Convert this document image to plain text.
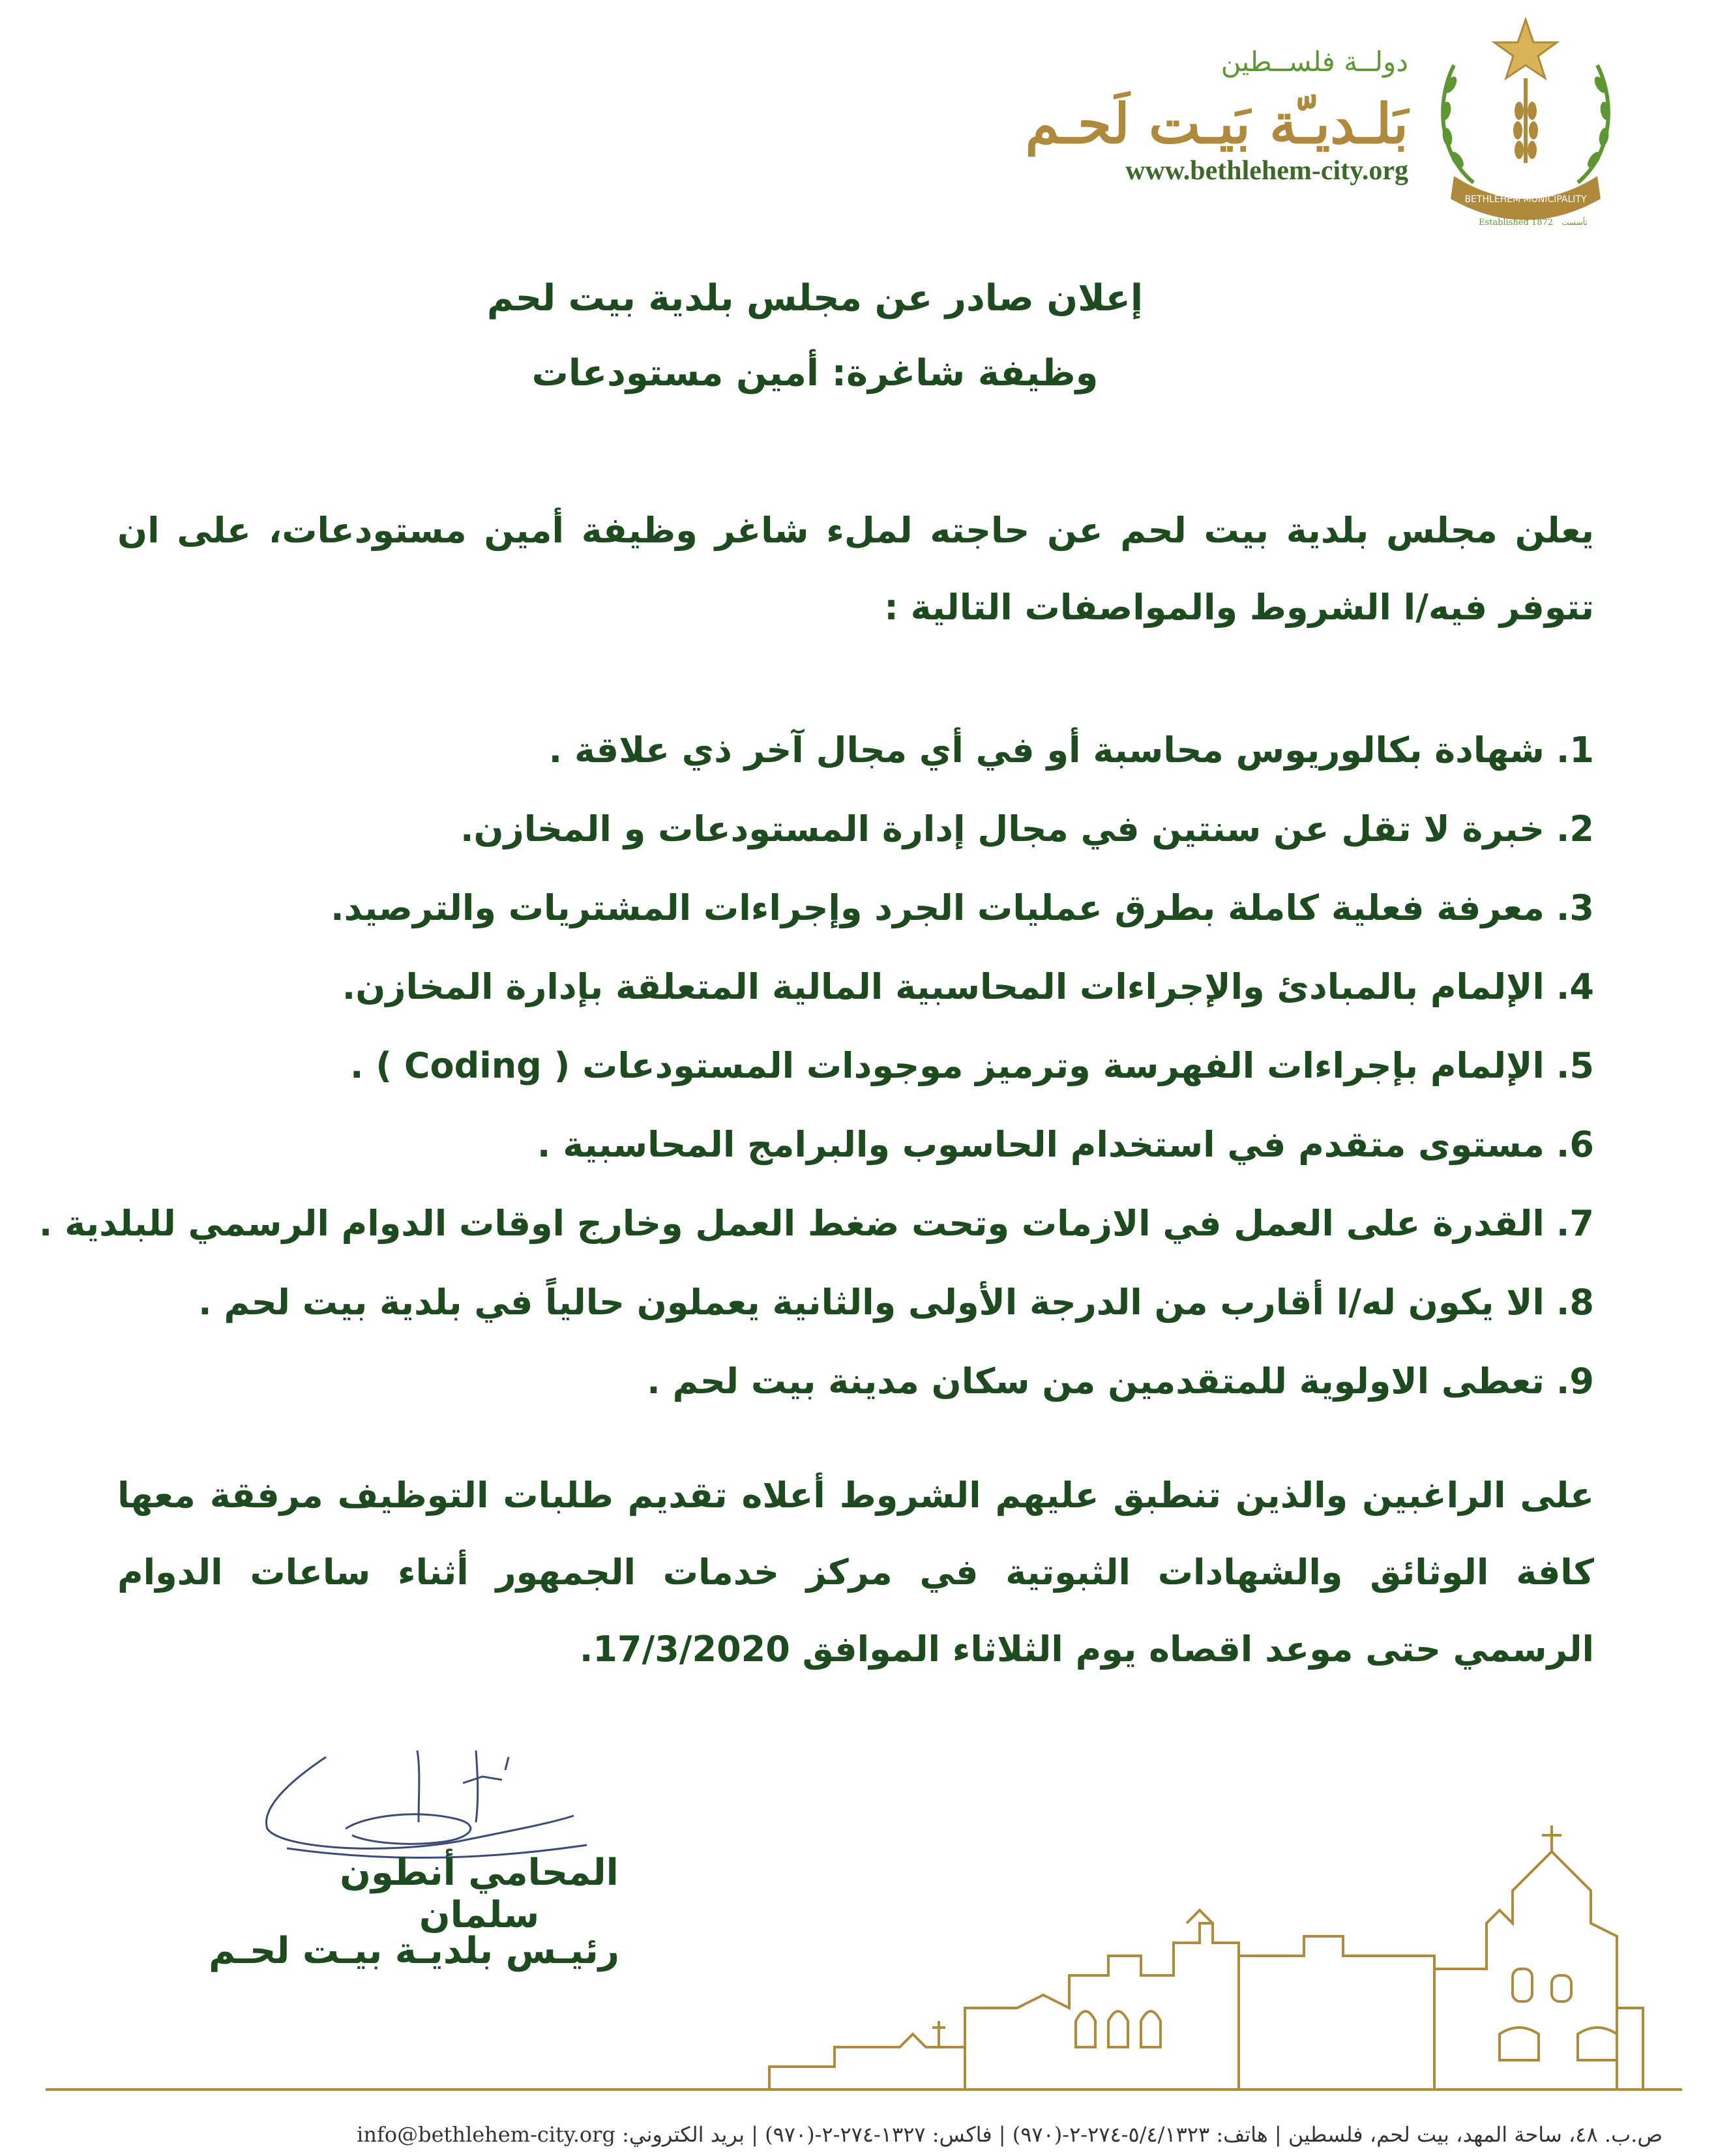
دولــة فلســطين
بَلـديـّة بَيـت لَحـم
www.bethlehem-city.org
BETHLEHEM MUNICIPALITY
بلدية بيت لحم
Established 1872 تأسست
إعلان صادر عن مجلس بلدية بيت لحم
وظيفة شاغرة: أمين مستودعات
يعلن مجلس بلدية بيت لحم عن حاجته لملء شاغر وظيفة أمين مستودعات، على ان تتوفر فيه/ا الشروط والمواصفات التالية :
1.شهادة بكالوريوس محاسبة أو في أي مجال آخر ذي علاقة .
2.خبرة لا تقل عن سنتين في مجال إدارة المستودعات و المخازن.
3.معرفة فعلية كاملة بطرق عمليات الجرد وإجراءات المشتريات والترصيد.
4.الإلمام بالمبادئ والإجراءات المحاسبية المالية المتعلقة بإدارة المخازن.
5.الإلمام بإجراءات الفهرسة وترميز موجودات المستودعات ( Coding ) .
6.مستوى متقدم في استخدام الحاسوب والبرامج المحاسبية .
7.القدرة على العمل في الازمات وتحت ضغط العمل وخارج اوقات الدوام الرسمي للبلدية .
8.الا يكون له/ا أقارب من الدرجة الأولى والثانية يعملون حالياً في بلدية بيت لحم .
9.تعطى الاولوية للمتقدمين من سكان مدينة بيت لحم .
على الراغبين والذين تنطبق عليهم الشروط أعلاه تقديم طلبات التوظيف مرفقة معها كافة الوثائق والشهادات الثبوتية في مركز خدمات الجمهور أثناء ساعات الدوام الرسمي حتى موعد اقصاه يوم الثلاثاء الموافق 17/3/2020.
المحامي أنطون سلمان
رئيـس بلديـة بيـت لحـم
ص.ب. ٤٨، ساحة المهد، بيت لحم، فلسطين | هاتف: ٥/٤/١٣٢٣-٢٧٤-٢-(٩٧٠) | فاكس: ١٣٢٧-٢٧٤-٢-(٩٧٠) | بريد الكتروني: info@bethlehem-city.org
